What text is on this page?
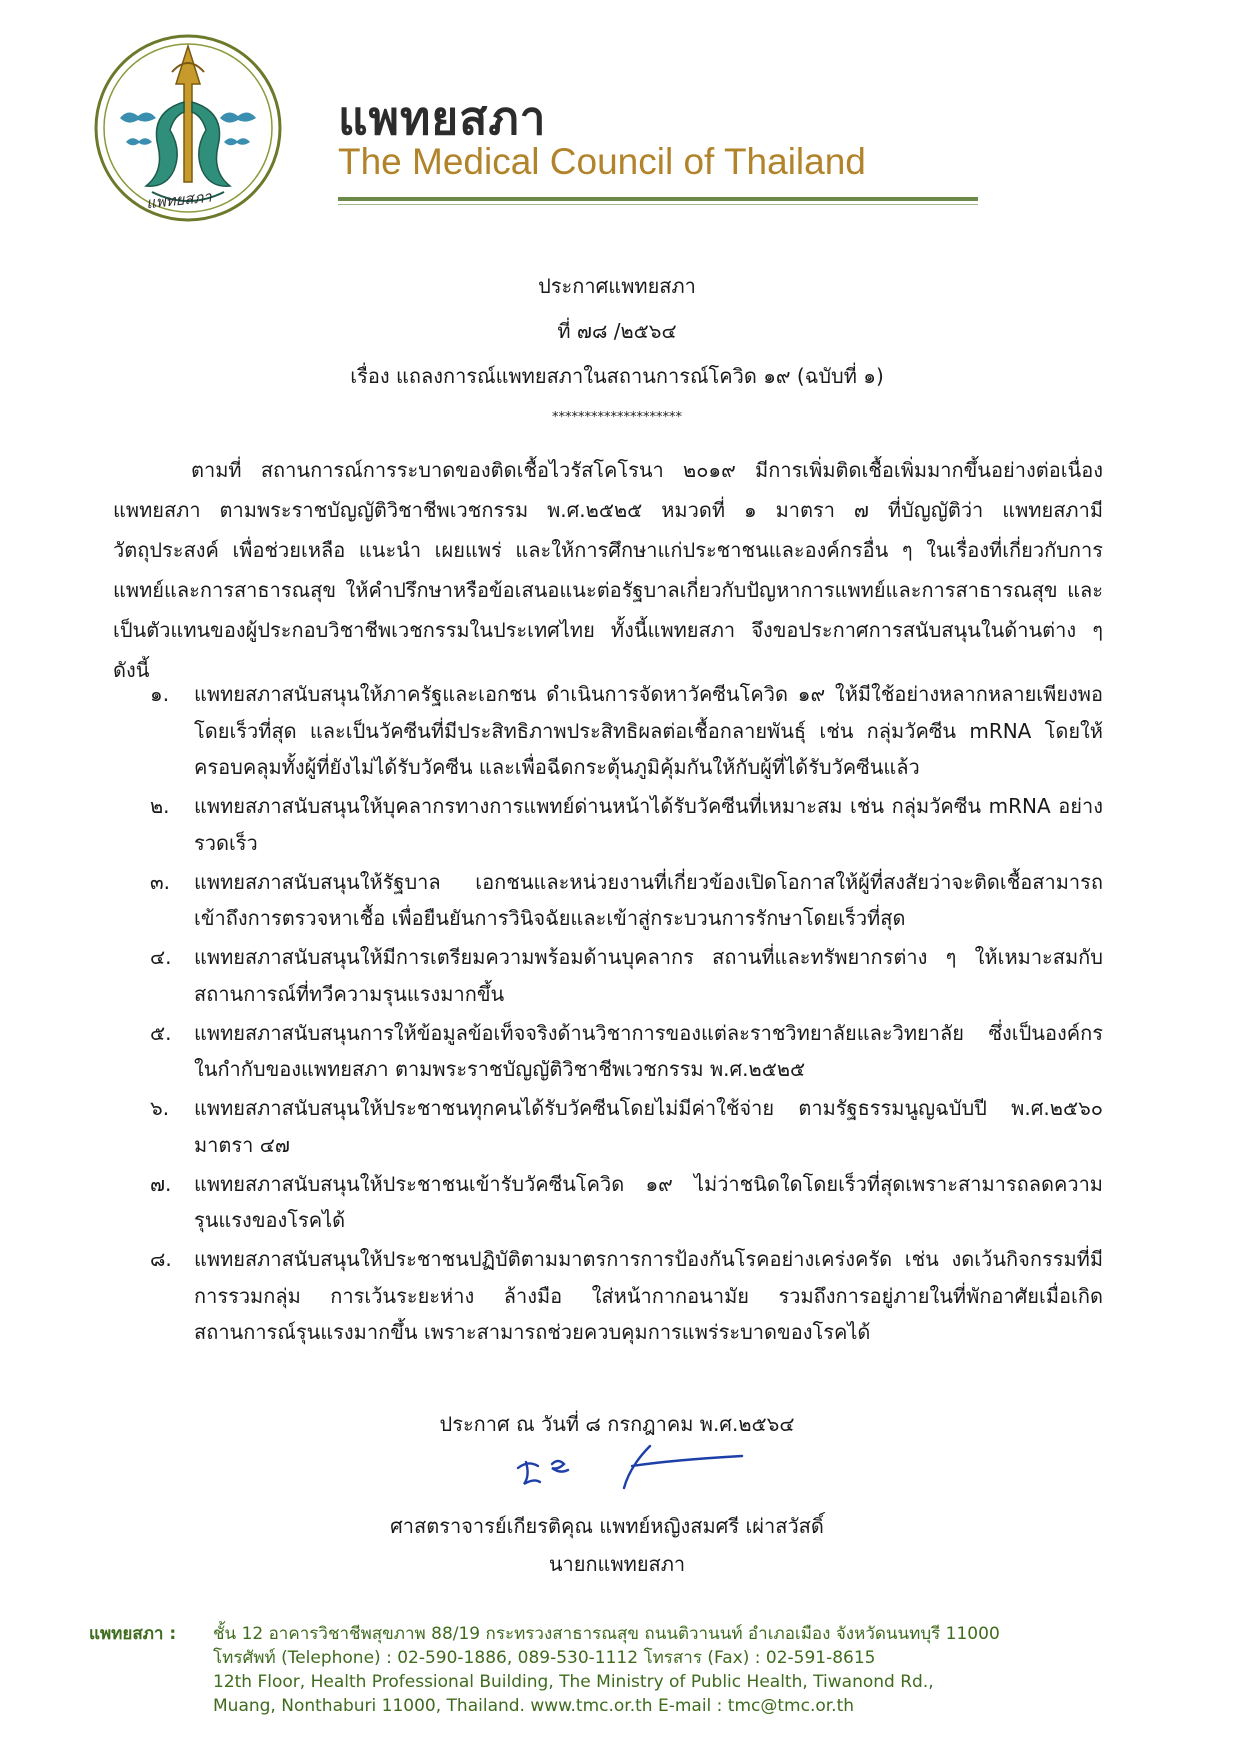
แพทยสภา
แพทยสภา
The Medical Council of Thailand
ประกาศแพทยสภา
ที่ ๗๘ /๒๕๖๔
เรื่อง แถลงการณ์แพทยสภาในสถานการณ์โควิด ๑๙ (ฉบับที่ ๑)
********************
ตามที่ สถานการณ์การระบาดของติดเชื้อไวรัสโคโรนา ๒๐๑๙ มีการเพิ่มติดเชื้อเพิ่มมากขึ้นอย่างต่อเนื่อง แพทยสภา ตามพระราชบัญญัติวิชาชีพเวชกรรม พ.ศ.๒๕๒๕ หมวดที่ ๑ มาตรา ๗ ที่บัญญัติว่า แพทยสภามีวัตถุประสงค์ เพื่อช่วยเหลือ แนะนำ เผยแพร่ และให้การศึกษาแก่ประชาชนและองค์กรอื่น ๆ ในเรื่องที่เกี่ยวกับการแพทย์และการสาธารณสุข ให้คำปรึกษาหรือข้อเสนอแนะต่อรัฐบาลเกี่ยวกับปัญหาการแพทย์และการสาธารณสุข และ เป็นตัวแทนของผู้ประกอบวิชาชีพเวชกรรมในประเทศไทย ทั้งนี้แพทยสภา จึงขอประกาศการสนับสนุนในด้านต่าง ๆ ดังนี้
๑.	แพทยสภาสนับสนุนให้ภาครัฐและเอกชน ดำเนินการจัดหาวัคซีนโควิด ๑๙ ให้มีใช้อย่างหลากหลายเพียงพอโดยเร็วที่สุด และเป็นวัคซีนที่มีประสิทธิภาพประสิทธิผลต่อเชื้อกลายพันธุ์ เช่น กลุ่มวัคซีน mRNA โดยให้ครอบคลุมทั้งผู้ที่ยังไม่ได้รับวัคซีน และเพื่อฉีดกระตุ้นภูมิคุ้มกันให้กับผู้ที่ได้รับวัคซีนแล้ว
๒.	แพทยสภาสนับสนุนให้บุคลากรทางการแพทย์ด่านหน้าได้รับวัคซีนที่เหมาะสม เช่น กลุ่มวัคซีน mRNA อย่างรวดเร็ว
๓.	แพทยสภาสนับสนุนให้รัฐบาล เอกชนและหน่วยงานที่เกี่ยวข้องเปิดโอกาสให้ผู้ที่สงสัยว่าจะติดเชื้อสามารถเข้าถึงการตรวจหาเชื้อ เพื่อยืนยันการวินิจฉัยและเข้าสู่กระบวนการรักษาโดยเร็วที่สุด
๔.	แพทยสภาสนับสนุนให้มีการเตรียมความพร้อมด้านบุคลากร สถานที่และทรัพยากรต่าง ๆ ให้เหมาะสมกับสถานการณ์ที่ทวีความรุนแรงมากขึ้น
๕.	แพทยสภาสนับสนุนการให้ข้อมูลข้อเท็จจริงด้านวิชาการของแต่ละราชวิทยาลัยและวิทยาลัย ซึ่งเป็นองค์กรในกำกับของแพทยสภา ตามพระราชบัญญัติวิชาชีพเวชกรรม พ.ศ.๒๕๒๕
๖.	แพทยสภาสนับสนุนให้ประชาชนทุกคนได้รับวัคซีนโดยไม่มีค่าใช้จ่าย ตามรัฐธรรมนูญฉบับปี พ.ศ.๒๕๖๐ มาตรา ๔๗
๗.	แพทยสภาสนับสนุนให้ประชาชนเข้ารับวัคซีนโควิด ๑๙ ไม่ว่าชนิดใดโดยเร็วที่สุดเพราะสามารถลดความรุนแรงของโรคได้
๘.	แพทยสภาสนับสนุนให้ประชาชนปฏิบัติตามมาตรการการป้องกันโรคอย่างเคร่งครัด เช่น งดเว้นกิจกรรมที่มีการรวมกลุ่ม การเว้นระยะห่าง ล้างมือ ใส่หน้ากากอนามัย รวมถึงการอยู่ภายในที่พักอาศัยเมื่อเกิดสถานการณ์รุนแรงมากขึ้น เพราะสามารถช่วยควบคุมการแพร่ระบาดของโรคได้
ประกาศ ณ วันที่ ๘ กรกฎาคม พ.ศ.๒๕๖๔
ศาสตราจารย์เกียรติคุณ แพทย์หญิงสมศรี เผ่าสวัสดิ์
นายกแพทยสภา
แพทยสภา : ชั้น 12 อาคารวิชาชีพสุขภาพ 88/19 กระทรวงสาธารณสุข ถนนติวานนท์ อำเภอเมือง จังหวัดนนทบุรี 11000
โทรศัพท์ (Telephone) : 02-590-1886, 089-530-1112 โทรสาร (Fax) : 02-591-8615
12th Floor, Health Professional Building, The Ministry of Public Health, Tiwanond Rd.,
Muang, Nonthaburi 11000, Thailand. www.tmc.or.th E-mail : tmc@tmc.or.th
